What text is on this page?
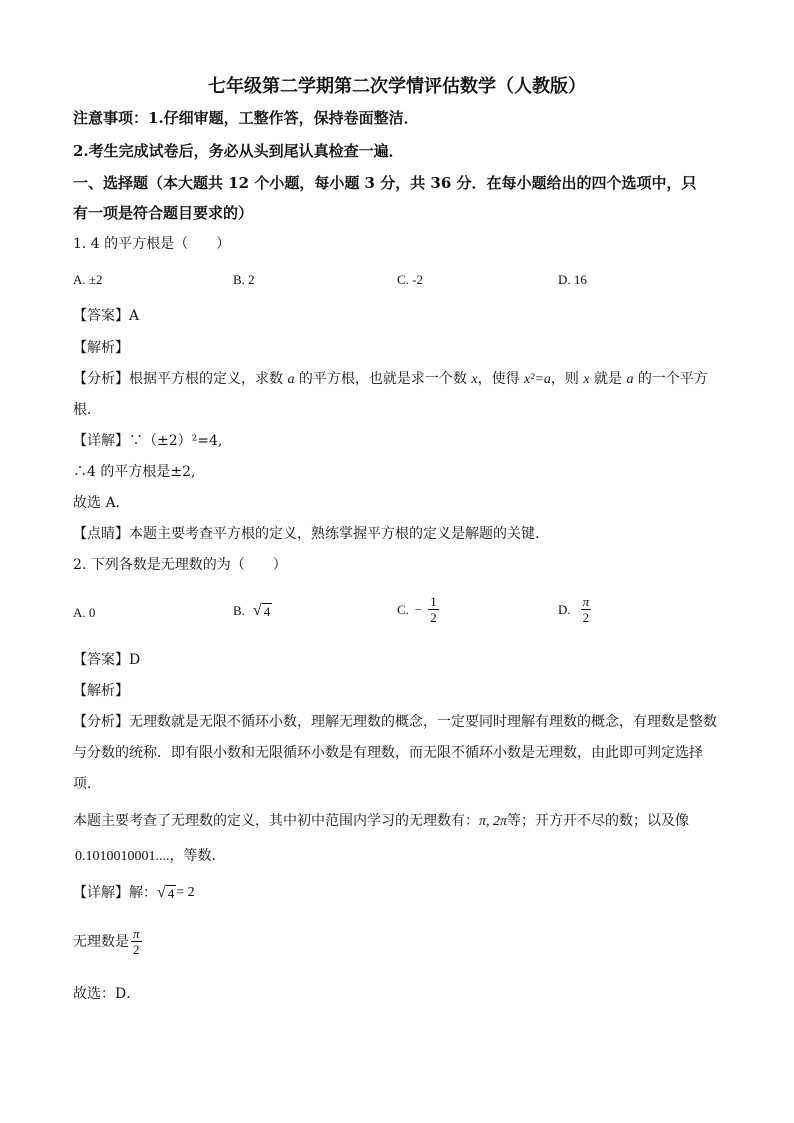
七年级第二学期第二次学情评估数学（人教版）
注意事项：1.仔细审题，工整作答，保持卷面整洁．
2.考生完成试卷后，务必从头到尾认真检查一遍．
一、选择题（本大题共 12 个小题，每小题 3 分，共 36 分．在每小题给出的四个选项中，只
有一项是符合题目要求的）
1. 4 的平方根是（　　）
A. ±2	B. 2	C. -2	D. 16
【答案】A
【解析】
【分析】根据平方根的定义，求数 a 的平方根，也就是求一个数 x，使得 x²=a，则 x 就是 a 的一个平方
根．
【详解】∵（±2）²=4,
∴4 的平方根是±2,
故选 A．
【点睛】本题主要考查平方根的定义，熟练掌握平方根的定义是解题的关键.
2. 下列各数是无理数的为（　　）
A. 0	B. √ 4	C. − $\frac{1}{2}$	D. $\frac{\pi}{2}$
【答案】D
【解析】
【分析】无理数就是无限不循环小数，理解无理数的概念，一定要同时理解有理数的概念，有理数是整数
与分数的统称．即有限小数和无限循环小数是有理数，而无限不循环小数是无理数，由此即可判定选择
项．
本题主要考查了无理数的定义，其中初中范围内学习的无理数有：π, 2π等；开方开不尽的数；以及像
0.1010010001....，等数．
【详解】解： √ 4 = 2
无理数是 $\frac{\pi}{2}$
故选：D．
